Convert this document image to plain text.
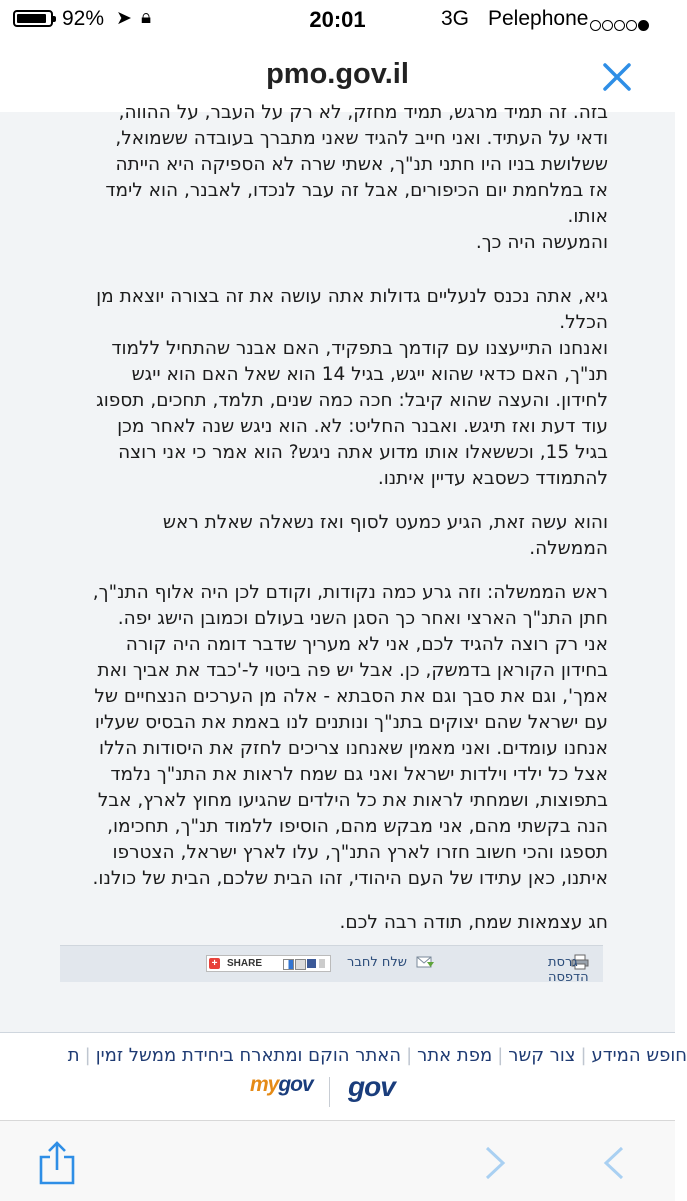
92% ➤ 🔒︎	20:01	3G Pelephone
pmo.gov.il

בזה. זה תמיד מרגש, תמיד מחזק, לא רק על העבר, על ההווה,
ודאי על העתיד. ואני חייב להגיד שאני מתברך בעובדה ששמואל,
ששלושת בניו היו חתני תנ"ך, אשתי שרה לא הספיקה היא הייתה
אז במלחמת יום הכיפורים, אבל זה עבר לנכדו, לאבנר, הוא לימד
אותו.
והמעשה היה כך.

גיא, אתה נכנס לנעליים גדולות אתה עושה את זה בצורה יוצאת מן
הכלל.
ואנחנו התייעצנו עם קודמך בתפקיד, האם אבנר שהתחיל ללמוד
תנ"ך, האם כדאי שהוא ייגש, בגיל 14 הוא שאל האם הוא ייגש
לחידון. והעצה שהוא קיבל: חכה כמה שנים, תלמד, תחכים, תספוג
עוד דעת ואז תיגש. ואבנר החליט: לא. הוא ניגש שנה לאחר מכן
בגיל 15, וכששאלו אותו מדוע אתה ניגש? הוא אמר כי אני רוצה
להתמודד כשסבא עדיין איתנו.

והוא עשה זאת, הגיע כמעט לסוף ואז נשאלה שאלת ראש
הממשלה.

ראש הממשלה: וזה גרע כמה נקודות, וקודם לכן היה אלוף התנ"ך,
חתן התנ"ך הארצי ואחר כך הסגן השני בעולם וכמובן הישג יפה.
אני רק רוצה להגיד לכם, אני לא מעריך שדבר דומה היה קורה
בחידון הקוראן בדמשק, כן. אבל יש פה ביטוי ל-'כבד את אביך ואת
אמך', וגם את סבך וגם את הסבתא - אלה מן הערכים הנצחיים של
עם ישראל שהם יצוקים בתנ"ך ונותנים לנו באמת את הבסיס שעליו
אנחנו עומדים. ואני מאמין שאנחנו צריכים לחזק את היסודות הללו
אצל כל ילדי וילדות ישראל ואני גם שמח לראות את התנ"ך נלמד
בתפוצות, ושמחתי לראות את כל הילדים שהגיעו מחוץ לארץ, אבל
הנה בקשתי מהם, אני מבקש מהם, הוסיפו ללמוד תנ"ך, תחכימו,
תספגו והכי חשוב חזרו לארץ התנ"ך, עלו לארץ ישראל, הצטרפו
איתנו, כאן עתידו של העם היהודי, זהו הבית שלכם, הבית של כולנו.

חג עצמאות שמח, תודה רבה לכם.

גרסת הדפסה
שלח לחבר
+ SHARE
חופש המידע|צור קשר|מפת אתר|האתר הוקם ומתארח ביחידת ממשל זמין|ת
mygov gov
